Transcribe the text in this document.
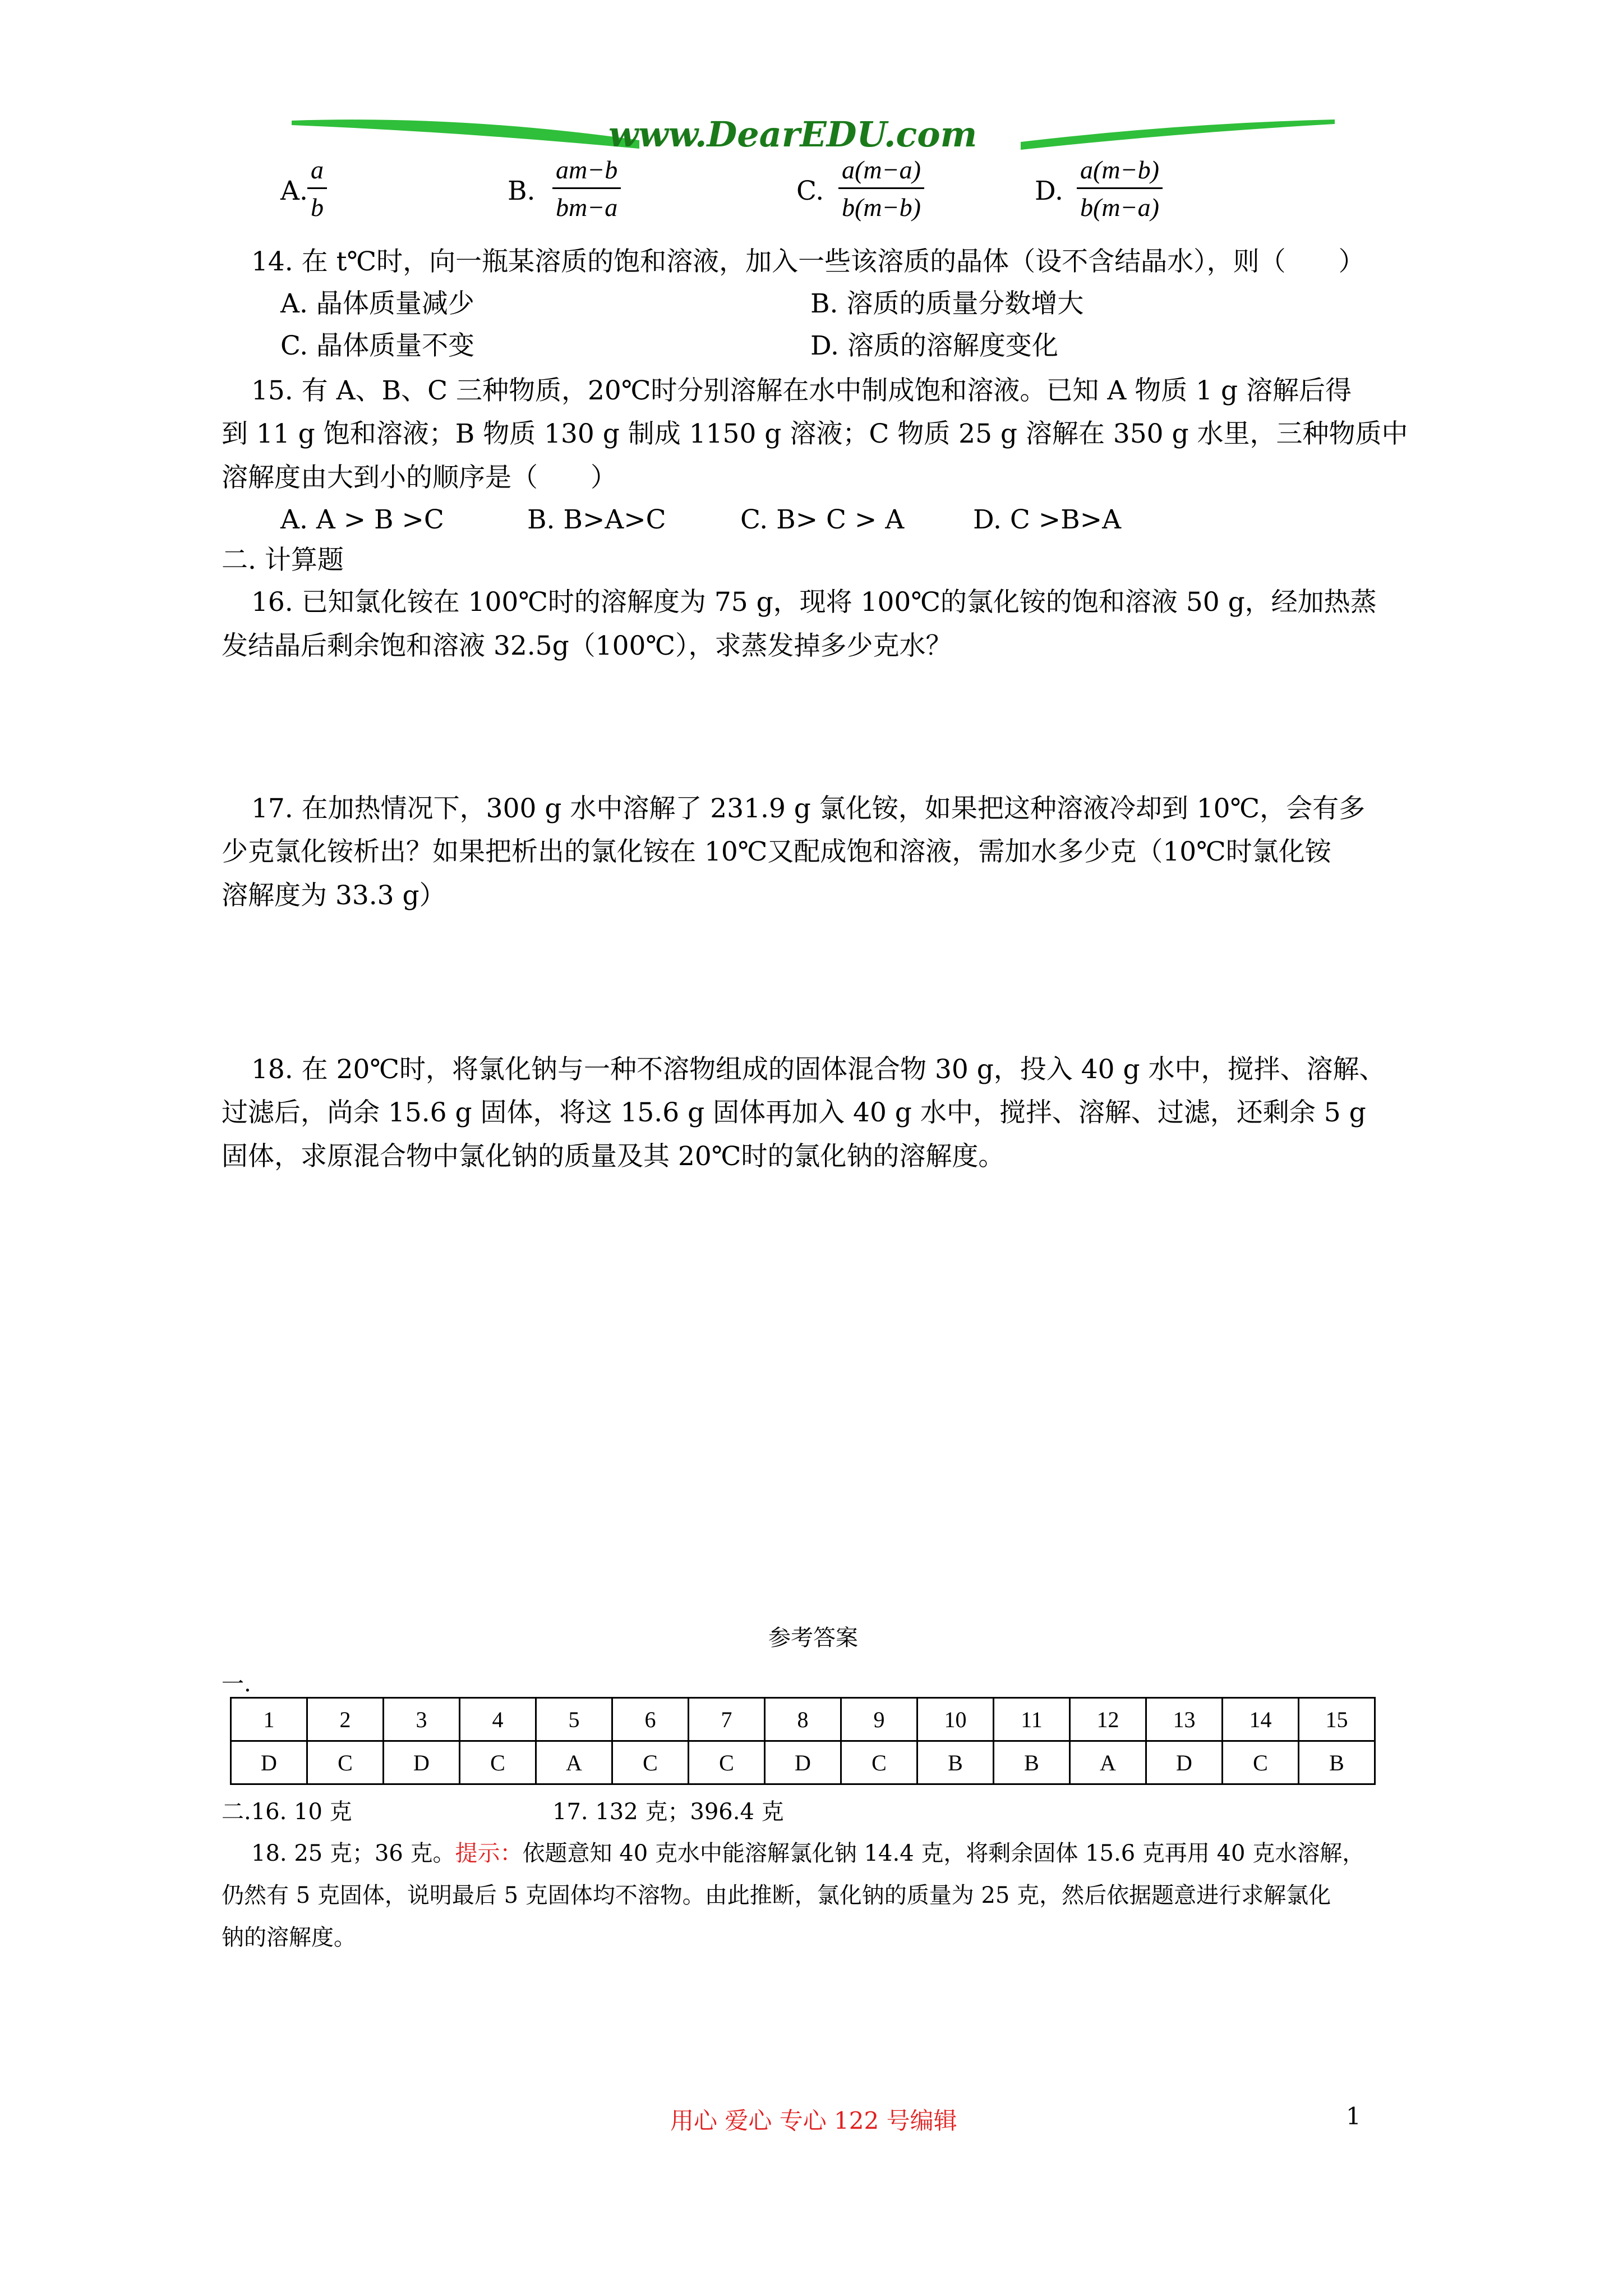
www.DearEDU.com
A. $\frac{a}{b}$	B. $\frac{am-b}{bm-a}$	C. $\frac{a(m-a)}{b(m-b)}$	D. $\frac{a(m-b)}{b(m-a)}$
14. 在 t℃时，向一瓶某溶质的饱和溶液，加入一些该溶质的晶体（设不含结晶水），则（　　）
A. 晶体质量减少	B. 溶质的质量分数增大
C. 晶体质量不变	D. 溶质的溶解度变化
15. 有 A、B、C 三种物质，20℃时分别溶解在水中制成饱和溶液。已知 A 物质 1 g 溶解后得
到 11 g 饱和溶液；B 物质 130 g 制成 1150 g 溶液；C 物质 25 g 溶解在 350 g 水里，三种物质中
溶解度由大到小的顺序是（　　）
A. A > B >C	B. B>A>C	C. B> C > A	D. C >B>A
二. 计算题
16. 已知氯化铵在 100℃时的溶解度为 75 g，现将 100℃的氯化铵的饱和溶液 50 g，经加热蒸
发结晶后剩余饱和溶液 32.5g（100℃），求蒸发掉多少克水？
17. 在加热情况下，300 g 水中溶解了 231.9 g 氯化铵，如果把这种溶液冷却到 10℃，会有多
少克氯化铵析出？如果把析出的氯化铵在 10℃又配成饱和溶液，需加水多少克（10℃时氯化铵
溶解度为 33.3 g）
18. 在 20℃时，将氯化钠与一种不溶物组成的固体混合物 30 g，投入 40 g 水中，搅拌、溶解、
过滤后，尚余 15.6 g 固体，将这 15.6 g 固体再加入 40 g 水中，搅拌、溶解、过滤，还剩余 5 g
固体，求原混合物中氯化钠的质量及其 20℃时的氯化钠的溶解度。
参考答案
一.
1	2	3	4	5	6	7	8	9	10	11	12	13	14	15
D	C	D	C	A	C	C	D	C	B	B	A	D	C	B
二.16. 10 克	17. 132 克；396.4 克
18. 25 克；36 克。提示：依题意知 40 克水中能溶解氯化钠 14.4 克，将剩余固体 15.6 克再用 40 克水溶解，
仍然有 5 克固体，说明最后 5 克固体均不溶物。由此推断，氯化钠的质量为 25 克，然后依据题意进行求解氯化
钠的溶解度。
用心 爱心 专心 122 号编辑	1
